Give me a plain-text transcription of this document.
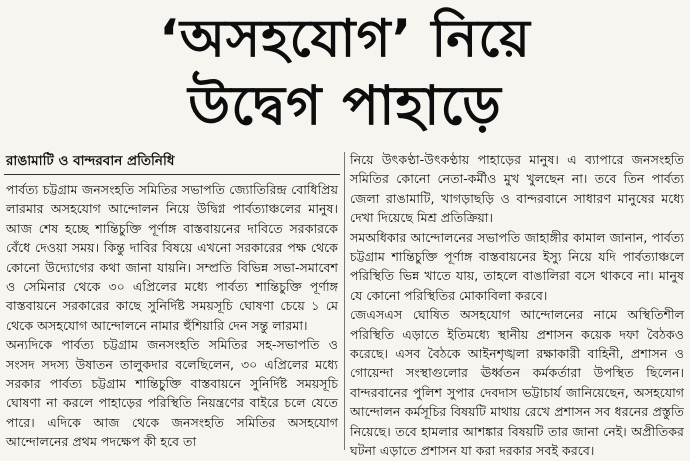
‘অসহযোগ’ নিয়ে
উদ্বেগ পাহাড়ে
রাঙামাটি ও বান্দরবান প্রতিনিধি

পার্বত্য চট্টগ্রাম জনসংহতি সমিতির সভাপতি জ্যোতিরিন্দ্র বোধিপ্রিয় লারমার অসহযোগ আন্দোলন নিয়ে উদ্বিগ্ন পার্বত্যাঞ্চলের মানুষ। আজ শেষ হচ্ছে শান্তিচুক্তি পূর্ণাঙ্গ বাস্তবায়নের দাবিতে সরকারকে বেঁধে দেওয়া সময়। কিন্তু দাবির বিষয়ে এখনো সরকারের পক্ষ থেকে কোনো উদ্যোগের কথা জানা যায়নি। সম্প্রতি বিভিন্ন সভা-সমাবেশ ও সেমিনার থেকে ৩০ এপ্রিলের মধ্যে পার্বত্য শান্তিচুক্তি পূর্ণাঙ্গ বাস্তবায়নে সরকারের কাছে সুনির্দিষ্ট সময়সূচি ঘোষণা চেয়ে ১ মে থেকে অসহযোগ আন্দোলনে নামার হুঁশিয়ারি দেন সন্তু লারমা।

অন্যদিকে পার্বত্য চট্টগ্রাম জনসংহতি সমিতির সহ-সভাপতি ও সংসদ সদস্য উষাতন তালুকদার বলেছিলেন, ৩০ এপ্রিলের মধ্যে সরকার পার্বত্য চট্টগ্রাম শান্তিচুক্তি বাস্তবায়নে সুনির্দিষ্ট সময়সূচি ঘোষণা না করলে পাহাড়ের পরিস্থিতি নিয়ন্ত্রণের বাইরে চলে যেতে পারে। এদিকে আজ থেকে জনসংহতি সমিতির অসহযোগ আন্দোলনের প্রথম পদক্ষেপ কী হবে তা

নিয়ে উৎকণ্ঠা-উৎকণ্ঠায় পাহাড়ের মানুষ। এ ব্যাপারে জনসংহতি সমিতির কোনো নেতা-কর্মীও মুখ খুলছেন না। তবে তিন পার্বত্য জেলা রাঙামাটি, খাগড়াছড়ি ও বান্দরবানে সাধারণ মানুষের মধ্যে দেখা দিয়েছে মিশ্র প্রতিক্রিয়া।

সমঅধিকার আন্দোলনের সভাপতি জাহাঙ্গীর কামাল জানান, পার্বত্য চট্টগ্রাম শান্তিচুক্তি পূর্ণাঙ্গ বাস্তবায়নের ইস্যু নিয়ে যদি পার্বত্যাঞ্চলে পরিস্থিতি ভিন্ন খাতে যায়, তাহলে বাঙালিরা বসে থাকবে না। মানুষ যে কোনো পরিস্থিতির মোকাবিলা করবে।

জেএসএস ঘোষিত অসহযোগ আন্দোলনের নামে অস্থিতিশীল পরিস্থিতি এড়াতে ইতিমধ্যে স্থানীয় প্রশাসন কয়েক দফা বৈঠকও করেছে। এসব বৈঠকে আইনশৃঙ্খলা রক্ষাকারী বাহিনী, প্রশাসন ও গোয়েন্দা সংস্থাগুলোর ঊর্ধ্বতন কর্মকর্তারা উপস্থিত ছিলেন। বান্দরবানের পুলিশ সুপার দেবদাস ভট্টাচার্য জানিয়েছেন, অসহযোগ আন্দোলন কর্মসূচির বিষয়টি মাথায় রেখে প্রশাসন সব ধরনের প্রস্তুতি নিয়েছে। তবে হামলার আশঙ্কার বিষয়টি তার জানা নেই। অপ্রীতিকর ঘটনা এড়াতে প্রশাসন যা করা দরকার সবই করবে।
